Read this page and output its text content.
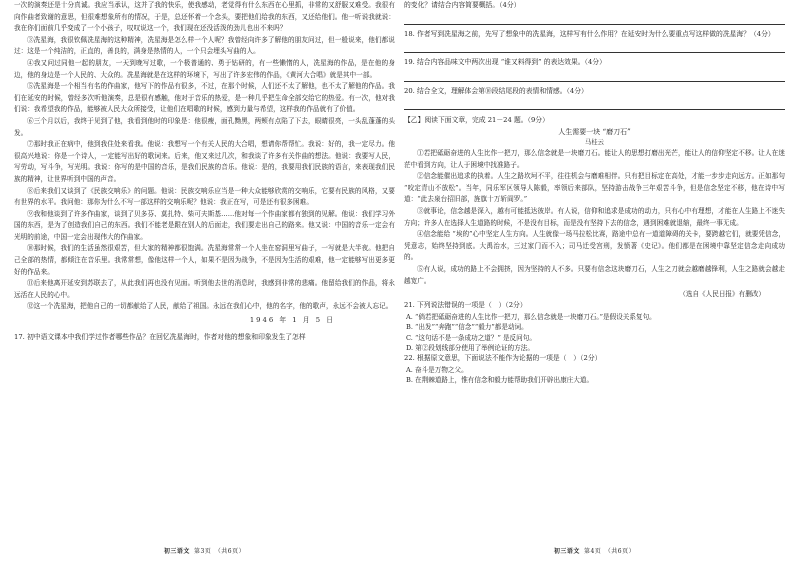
一次的演奏还是十分真诚。我应当承认，这并了我的快乐，使我感动，老觉得有什么东西在心里抓，非常的又舒服又难受。我很有向作曲者致谢的意思，但很难想象所有的情况，于是，总还怀着一个念头，要把他们给我的东西，又还给他们。他一听说我就说：我在你们面前几乎变成了一个小孩子，叹叹说这一个，我们现在还没活泼的劲儿也出不来吗？

③冼星海，我很钦佩冼星海的这种精神，冼星海是怎么样一个人呢？我曾经向许多了解他的朋友问过，但一般说来，他们都说过：这是一个纯洁的，正直的，善良的，满身是热情的人，一个只会埋头写曲的人。

④我又问过同他一起的朋友，一天到晚写过歌，一个极普通的、勇于钻研的，有一些懒惰的人，冼星海的作品，是在他的身边，他的身边是一个人民的、大众的。冼星海就是在这样的环境下，写出了许多宏伟的作品，《黄河大合唱》就是其中一部。

⑤冼星海是一个相当有名的作曲家，他写下的作品有很多，不过，在那个时候，人们还不太了解他，也不太了解他的作品。我们在延安的时候，曾经多次听他演奏，总是很有感触，他对于音乐的热爱，是一种几乎把生命全部交给它的热爱。有一次，他对我们说：我希望我的作品，能够被人民大众所接受，让他们在唱歌的时候，感到力量与希望，这样我的作品就有了价值。

⑥三个月以后，我终于见到了他，我看到他时的印象是：他很瘦，面孔黝黑，两颊有点陷了下去，眼睛很亮，一头乱蓬蓬的头发。

⑦那时我正在病中，他到我住处来看我。他说：我想写一个有关人民的大合唱，想请你帮帮忙。我说：好的，我一定尽力。他很高兴地说：你是一个诗人，一定能写出好的歌词来。后来，他又来过几次，和我谈了许多有关作曲的想法。他说：我要写人民，写劳动，写斗争，写光明。我说：你写的是中国的音乐，是我们民族的音乐。他说：是的，我要用我们民族的语言，来表现我们民族的精神，让世界听到中国的声音。

⑧后来我们又谈到了《民族交响乐》的问题。他说：民族交响乐应当是一种大众能够欣赏的交响乐，它要有民族的风格，又要有世界的水平。我问他：那你为什么不写一部这样的交响乐呢？他说：我正在写，可是还有很多困难。

⑨我和他谈到了许多作曲家，谈到了贝多芬、莫扎特、柴可夫斯基……他对每一个作曲家都有独到的见解。他说：我们学习外国的东西，是为了创造我们自己的东西。我们不能老是跟在别人的后面走，我们要走出自己的路来。他又说：中国的音乐一定会有光明的前途，中国一定会出现伟大的作曲家。

⑩那时候，我们的生活虽然很艰苦，但大家的精神都很饱满。冼星海常常一个人坐在窑洞里写曲子，一写就是大半夜。他把自己全部的热情，都倾注在音乐里。我常常想，像他这样一个人，如果不是因为战争，不是因为生活的艰难，他一定能够写出更多更好的作品来。

⑪后来他离开延安到苏联去了，从此我们再也没有见面。听到他去世的消息时，我感到非常的悲痛。他留给我们的作品，将永远活在人民的心中。

⑫这一个冼星海，把他自己的一切都献给了人民，献给了祖国。永远在我们心中，他的名字，他的歌声，永远不会被人忘记。

1946 年 1 月 5 日

17. 初中语文课本中我们学过作者哪些作品？在回忆冼星海时，作者对他的想象和印象发生了怎样

初三语文 第3页　（共6页）

的变化？请结合内容简要概括。（4分）

18. 作者写到冼星海之前，先写了想象中的冼星海，这样写有什么作用？在延安时为什么要重点写这样做的冼星海？（4分）

19. 结合内容品味文中两次出现 “谁又料得到” 的表达效果。（4分）

20. 结合全文，理解体会第⑩段结尾段的表情和情感。（4分）

【乙】阅读下面文章，完成 21－24 题。（9分）

人生需要一块 “磨刀石”

马桂云

①若把砥砺奋进的人生比作一把刀，那么信念就是一块磨刀石。能让人的思想打磨出光芒，能让人的信仰坚定不移。让人在迷茫中看到方向，让人于困境中找准路子。

②信念能催出追求的执着。人生之路坎坷不平，往往机会与磨难相伴。只有把目标定在高处，才能一步步走向远方。正如那句 “咬定青山不放松”。当年，同乐军区领导人陈毅，率领后来部队，坚持游击战争三年艰苦斗争，但是信念坚定不移，他在诗中写道：“此去泉台招旧部，旌旗十万斩阎罗。”

③就事论，信念越是深入，越有可能抵达彼岸。有人说，信仰和追求是成功的动力，只有心中有理想，才能在人生路上不迷失方向；许多人在选择人生道路的时候，不是没有目标，而是没有坚持下去的信念，遇到困难就退缩，最终一事无成。

④信念能给 “埃的”心中坚定人生方向。人生就像一场马拉松比赛，路途中总有一道道障碍的关卡，要跨越它们，就要凭信念，凭意志，始终坚持到底。大禹治水，三过家门而不入；司马迁受宫刑，发愤著《史记》。他们都是在困境中靠坚定信念走向成功的。

⑤有人说，成功的路上不会拥挤，因为坚持的人不多。只要有信念这块磨刀石，人生之刀就会越磨越锋利，人生之路就会越走越宽广。

（选自《人民日报》有删改）

21. 下列说法错误的一项是（　）（2分）

A. “倘若把砥砺奋进的人生比作一把刀，那么信念就是一块磨刀石。”是假设关系复句。

B. “出发”“奔跑”“信念”“毅力”都是动词。

C. “这句话不是一条成功之道？” 是反问句。

D. 第②段划线部分使用了举例论证的方法。

22. 根据原文意思，下面说法不能作为论据的一项是（　）（2分）

A. 奋斗是万物之父。

B. 在荆棘道路上，惟有信念和毅力能帮助我们开辟出康庄大道。

初三语文 第4页　（共6页）
